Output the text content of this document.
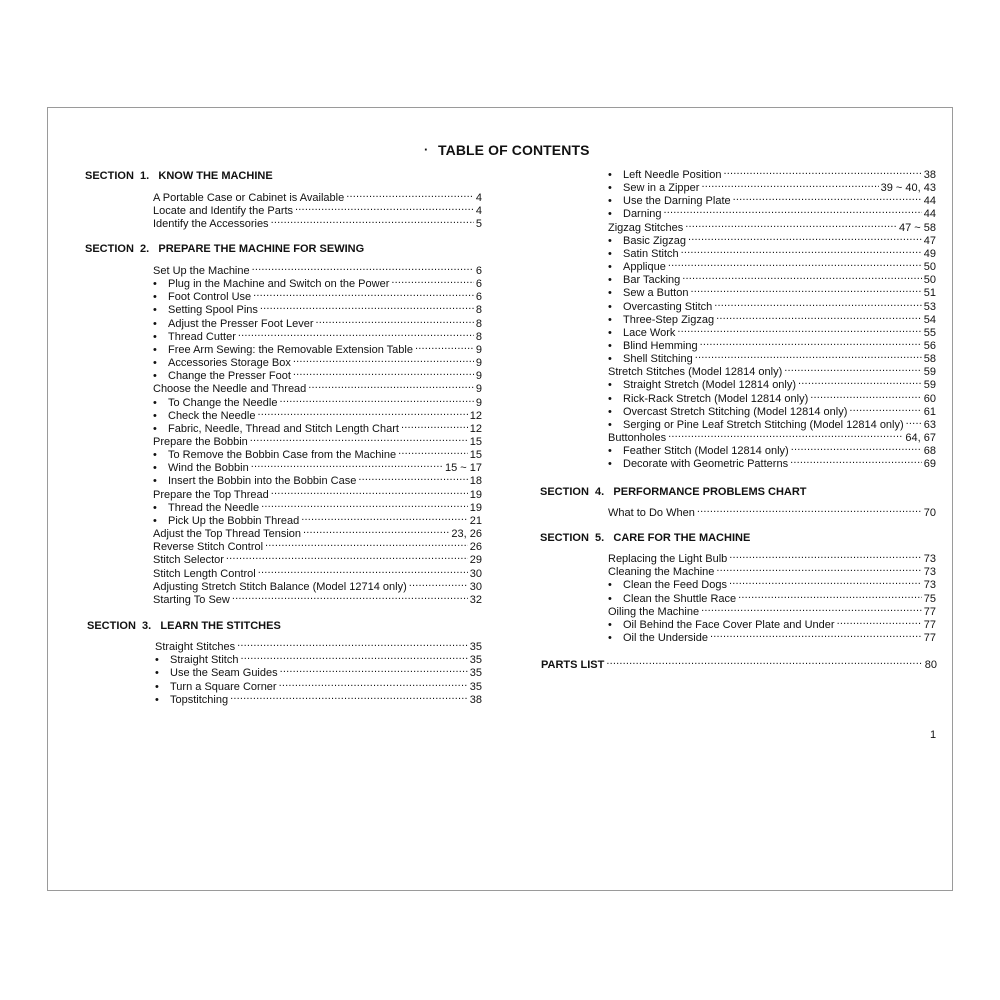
· TABLE OF CONTENTS
SECTION 1. KNOW THE MACHINE
SECTION 2. PREPARE THE MACHINE FOR SEWING
SECTION 3. LEARN THE STITCHES
SECTION 4. PERFORMANCE PROBLEMS CHART
SECTION 5. CARE FOR THE MACHINE
A Portable Case or Cabinet is Available .....	4
Locate and Identify the Parts .....	4
Identify the Accessories .....	5
Set Up the Machine .....	6
•	Plug in the Machine and Switch on the Power .....	6
•	Foot Control Use .....	6
•	Setting Spool Pins .....	8
•	Adjust the Presser Foot Lever .....	8
•	Thread Cutter .....	8
•	Free Arm Sewing: the Removable Extension Table .....	9
•	Accessories Storage Box .....	9
•	Change the Presser Foot .....	9
Choose the Needle and Thread .....	9
•	To Change the Needle .....	9
•	Check the Needle .....	12
•	Fabric, Needle, Thread and Stitch Length Chart .....	12
Prepare the Bobbin .....	15
•	To Remove the Bobbin Case from the Machine .....	15
•	Wind the Bobbin .....	15 ~ 17
•	Insert the Bobbin into the Bobbin Case .....	18
Prepare the Top Thread .....	19
•	Thread the Needle .....	19
•	Pick Up the Bobbin Thread .....	21
Adjust the Top Thread Tension .....	23, 26
Reverse Stitch Control .....	26
Stitch Selector .....	29
Stitch Length Control .....	30
Adjusting Stretch Stitch Balance (Model 12714 only) .....	30
Starting To Sew .....	32
Straight Stitches .....	35
•	Straight Stitch .....	35
•	Use the Seam Guides .....	35
•	Turn a Square Corner .....	35
•	Topstitching .....	38
•	Left Needle Position .....	38
•	Sew in a Zipper .....	39 ~ 40, 43
•	Use the Darning Plate .....	44
•	Darning .....	44
Zigzag Stitches .....	47 ~ 58
•	Basic Zigzag .....	47
•	Satin Stitch .....	49
•	Applique .....	50
•	Bar Tacking .....	50
•	Sew a Button .....	51
•	Overcasting Stitch .....	53
•	Three-Step Zigzag .....	54
•	Lace Work .....	55
•	Blind Hemming .....	56
•	Shell Stitching .....	58
Stretch Stitches (Model 12814 only) .....	59
•	Straight Stretch (Model 12814 only) .....	59
•	Rick-Rack Stretch (Model 12814 only) .....	60
•	Overcast Stretch Stitching (Model 12814 only) .....	61
•	Serging or Pine Leaf Stretch Stitching (Model 12814 only) ..... 63
Buttonholes .....	64, 67
•	Feather Stitch (Model 12814 only) .....	68
•	Decorate with Geometric Patterns .....	69
What to Do When .....	70
Replacing the Light Bulb .....	73
Cleaning the Machine .....	73
•	Clean the Feed Dogs .....	73
•	Clean the Shuttle Race .....	75
Oiling the Machine .....	77
•	Oil Behind the Face Cover Plate and Under .....	77
•	Oil the Underside .....	77
PARTS LIST .....	80
1
